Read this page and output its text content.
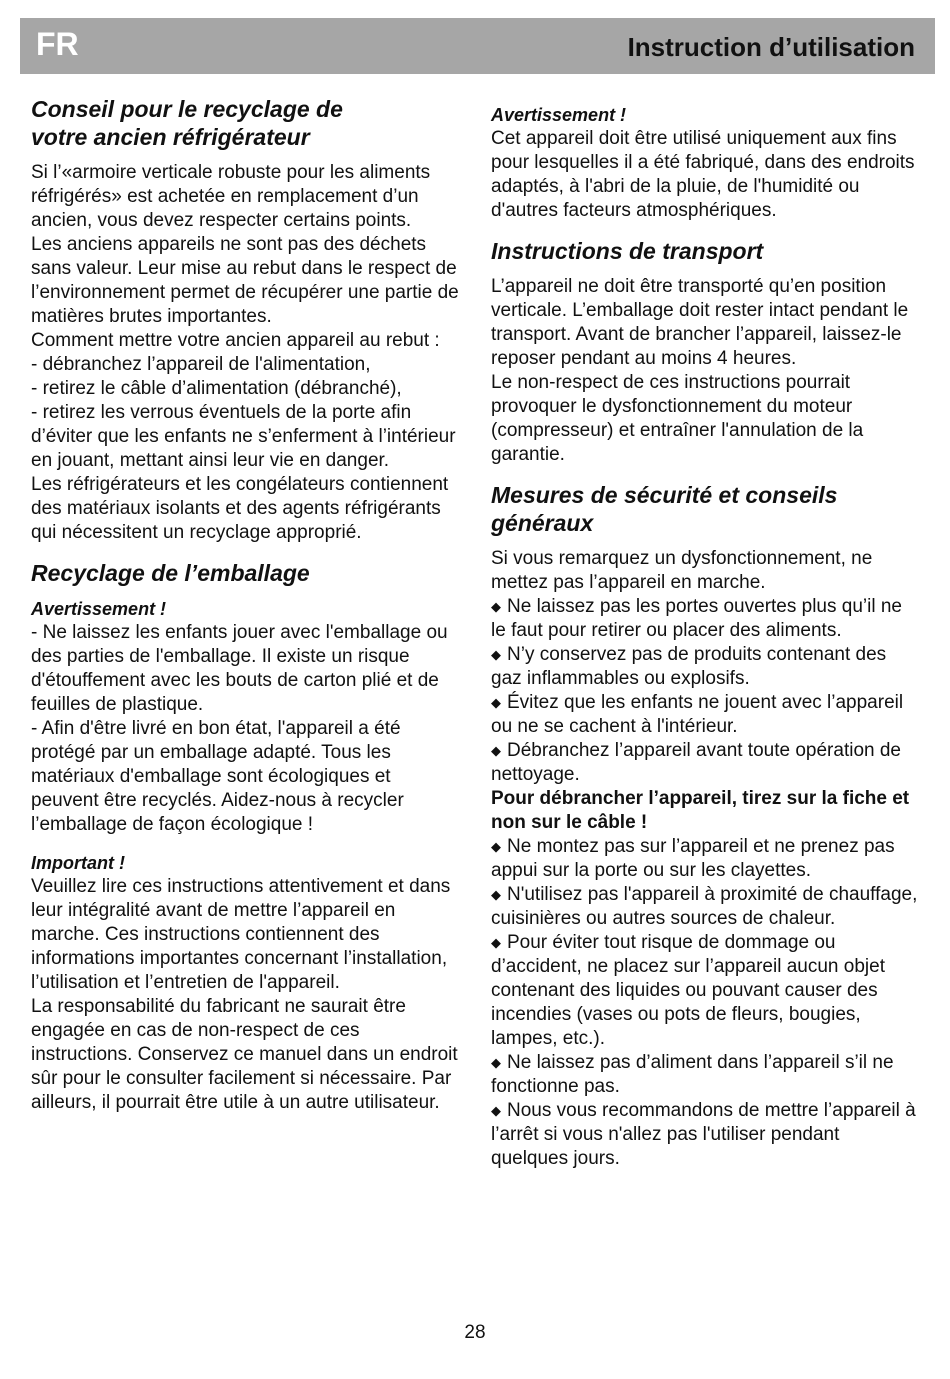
FR	Instruction d’utilisation
Conseil pour le recyclage de
votre ancien réfrigérateur

Si l’«armoire verticale robuste pour les aliments réfrigérés» est achetée en remplacement d’un ancien, vous devez respecter certains points.

Les anciens appareils ne sont pas des déchets sans valeur. Leur mise au rebut dans le respect de l’environnement permet de récupérer une partie de matières brutes importantes.

Comment mettre votre ancien appareil au rebut :

- débranchez l’appareil de l'alimentation,

- retirez le câble d’alimentation (débranché),

- retirez les verrous éventuels de la porte afin d’éviter que les enfants ne s’enferment à l’intérieur en jouant, mettant ainsi leur vie en danger.

Les réfrigérateurs et les congélateurs contiennent des matériaux isolants et des agents réfrigérants qui nécessitent un recyclage approprié.

Recyclage de l’emballage
Avertissement !

- Ne laissez les enfants jouer avec l'emballage ou des parties de l'emballage. Il existe un risque d'étouffement avec les bouts de carton plié et de feuilles de plastique.

- Afin d'être livré en bon état, l'appareil a été protégé par un emballage adapté. Tous les matériaux d'emballage sont écologiques et peuvent être recyclés. Aidez-nous à recycler l’emballage de façon écologique !

Important !

Veuillez lire ces instructions attentivement et dans leur intégralité avant de mettre l’appareil en marche. Ces instructions contiennent des informations importantes concernant l’installation, l’utilisation et l’entretien de l'appareil.

La responsabilité du fabricant ne saurait être engagée en cas de non-respect de ces instructions. Conservez ce manuel dans un endroit sûr pour le consulter facilement si nécessaire. Par ailleurs, il pourrait être utile à un autre utilisateur.

Avertissement !

Cet appareil doit être utilisé uniquement aux fins pour lesquelles il a été fabriqué, dans des endroits adaptés, à l'abri de la pluie, de l'humidité ou d'autres facteurs atmosphériques.

Instructions de transport

L’appareil ne doit être transporté qu’en position verticale. L’emballage doit rester intact pendant le transport. Avant de brancher l’appareil, laissez-le reposer pendant au moins 4 heures.

Le non-respect de ces instructions pourrait provoquer le dysfonctionnement du moteur (compresseur) et entraîner l'annulation de la garantie.

Mesures de sécurité et conseils
généraux

Si vous remarquez un dysfonctionnement, ne mettez pas l’appareil en marche.

◆ Ne laissez pas les portes ouvertes plus qu’il ne le faut pour retirer ou placer des aliments.

◆ N’y conservez pas de produits contenant des gaz inflammables ou explosifs.

◆ Évitez que les enfants ne jouent avec l’appareil ou ne se cachent à l'intérieur.

◆ Débranchez l’appareil avant toute opération de nettoyage.

Pour débrancher l’appareil, tirez sur la fiche et non sur le câble !

◆ Ne montez pas sur l’appareil et ne prenez pas appui sur la porte ou sur les clayettes.

◆ N'utilisez pas l'appareil à proximité de chauffage, cuisinières ou autres sources de chaleur.

◆ Pour éviter tout risque de dommage ou d’accident, ne placez sur l’appareil aucun objet contenant des liquides ou pouvant causer des incendies (vases ou pots de fleurs, bougies, lampes, etc.).

◆ Ne laissez pas d’aliment dans l’appareil s’il ne fonctionne pas.

◆ Nous vous recommandons de mettre l’appareil à l’arrêt si vous n'allez pas l'utiliser pendant quelques jours.

28
